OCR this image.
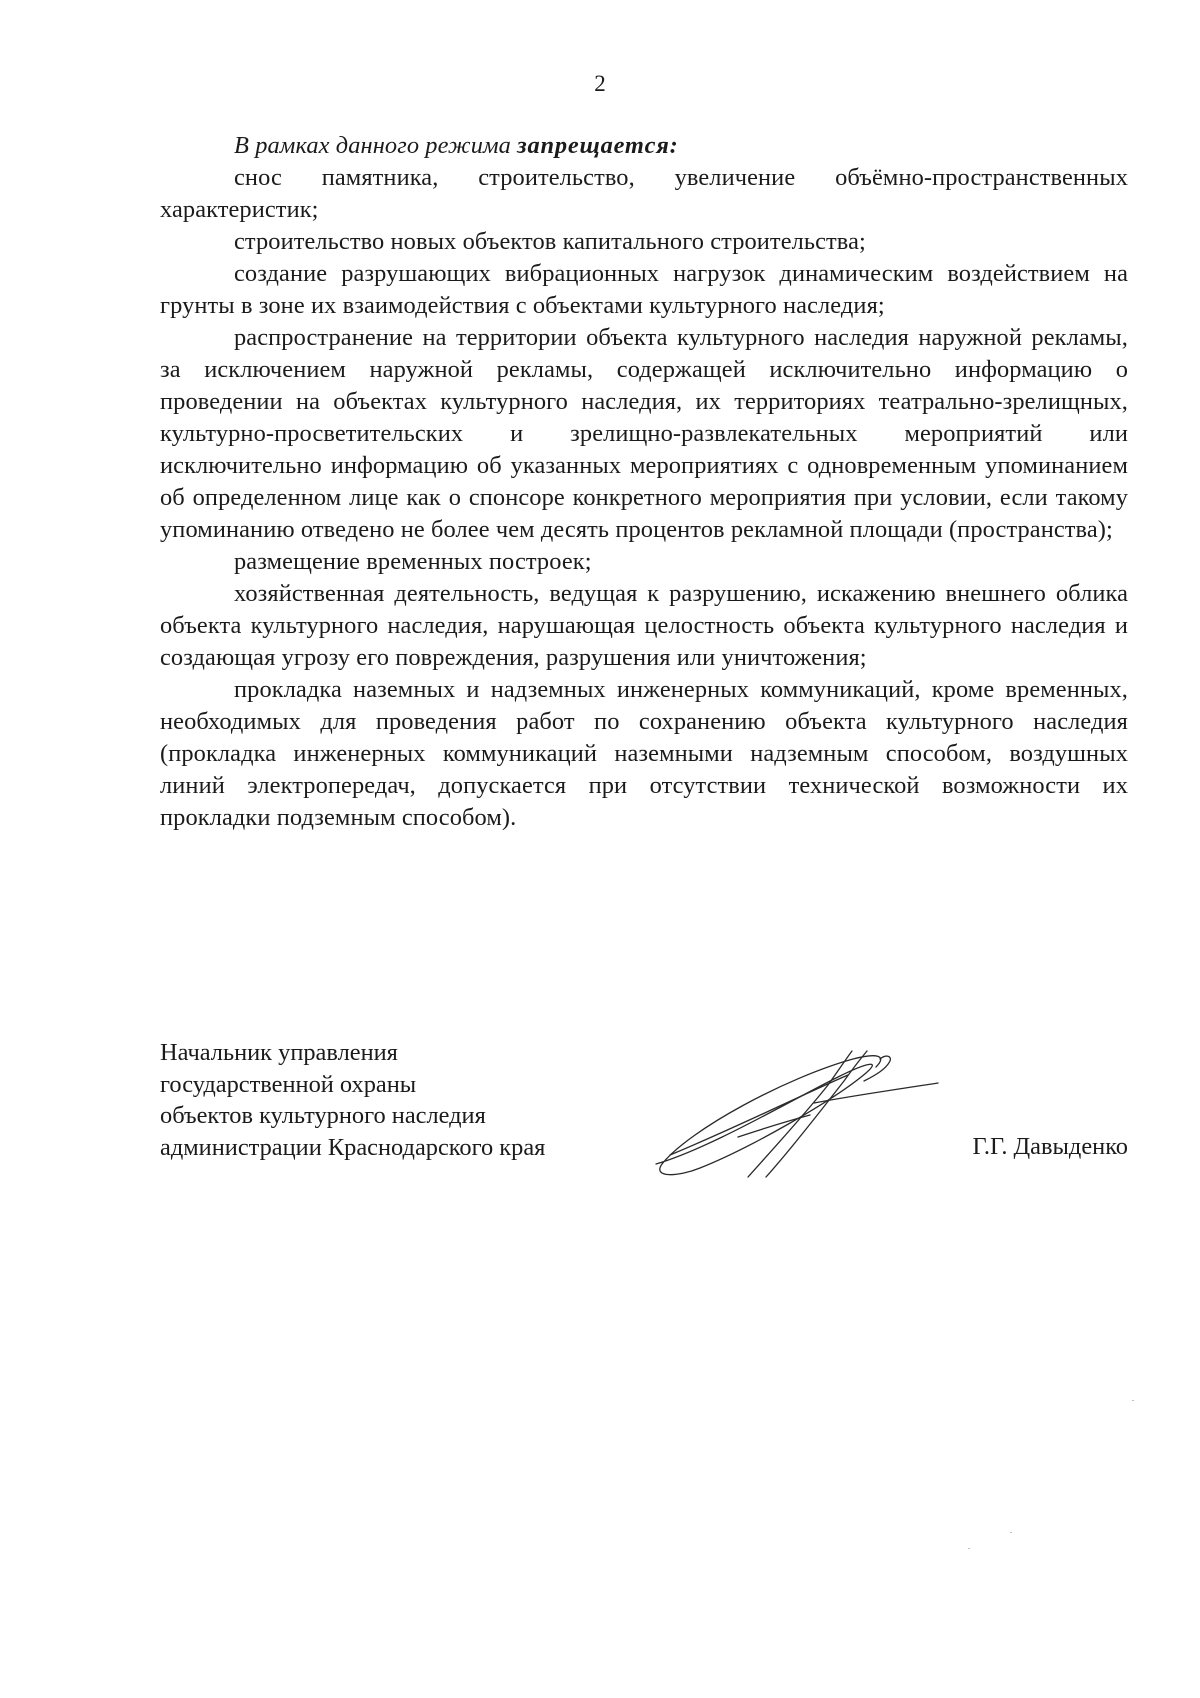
2

В рамках данного режима запрещается:

снос памятника, строительство, увеличение объёмно-пространственных характеристик;

строительство новых объектов капитального строительства;

создание разрушающих вибрационных нагрузок динамическим воздействием на грунты в зоне их взаимодействия с объектами культурного наследия;

распространение на территории объекта культурного наследия наружной рекламы, за исключением наружной рекламы, содержащей исключительно информацию о проведении на объектах культурного наследия, их территориях театрально-зрелищных, культурно-просветительских и зрелищно-развлекательных мероприятий или исключительно информацию об указанных мероприятиях с одновременным упоминанием об определенном лице как о спонсоре конкретного мероприятия при условии, если такому упоминанию отведено не более чем десять процентов рекламной площади (пространства);

размещение временных построек;

хозяйственная деятельность, ведущая к разрушению, искажению внешнего облика объекта культурного наследия, нарушающая целостность объекта культурного наследия и создающая угрозу его повреждения, разрушения или уничтожения;

прокладка наземных и надземных инженерных коммуникаций, кроме временных, необходимых для проведения работ по сохранению объекта культурного наследия (прокладка инженерных коммуникаций наземными надземным способом, воздушных линий электропередач, допускается при отсутствии технической возможности их прокладки подземным способом).

Начальник управления
государственной охраны
объектов культурного наследия
администрации Краснодарского края	Г.Г. Давыденко
